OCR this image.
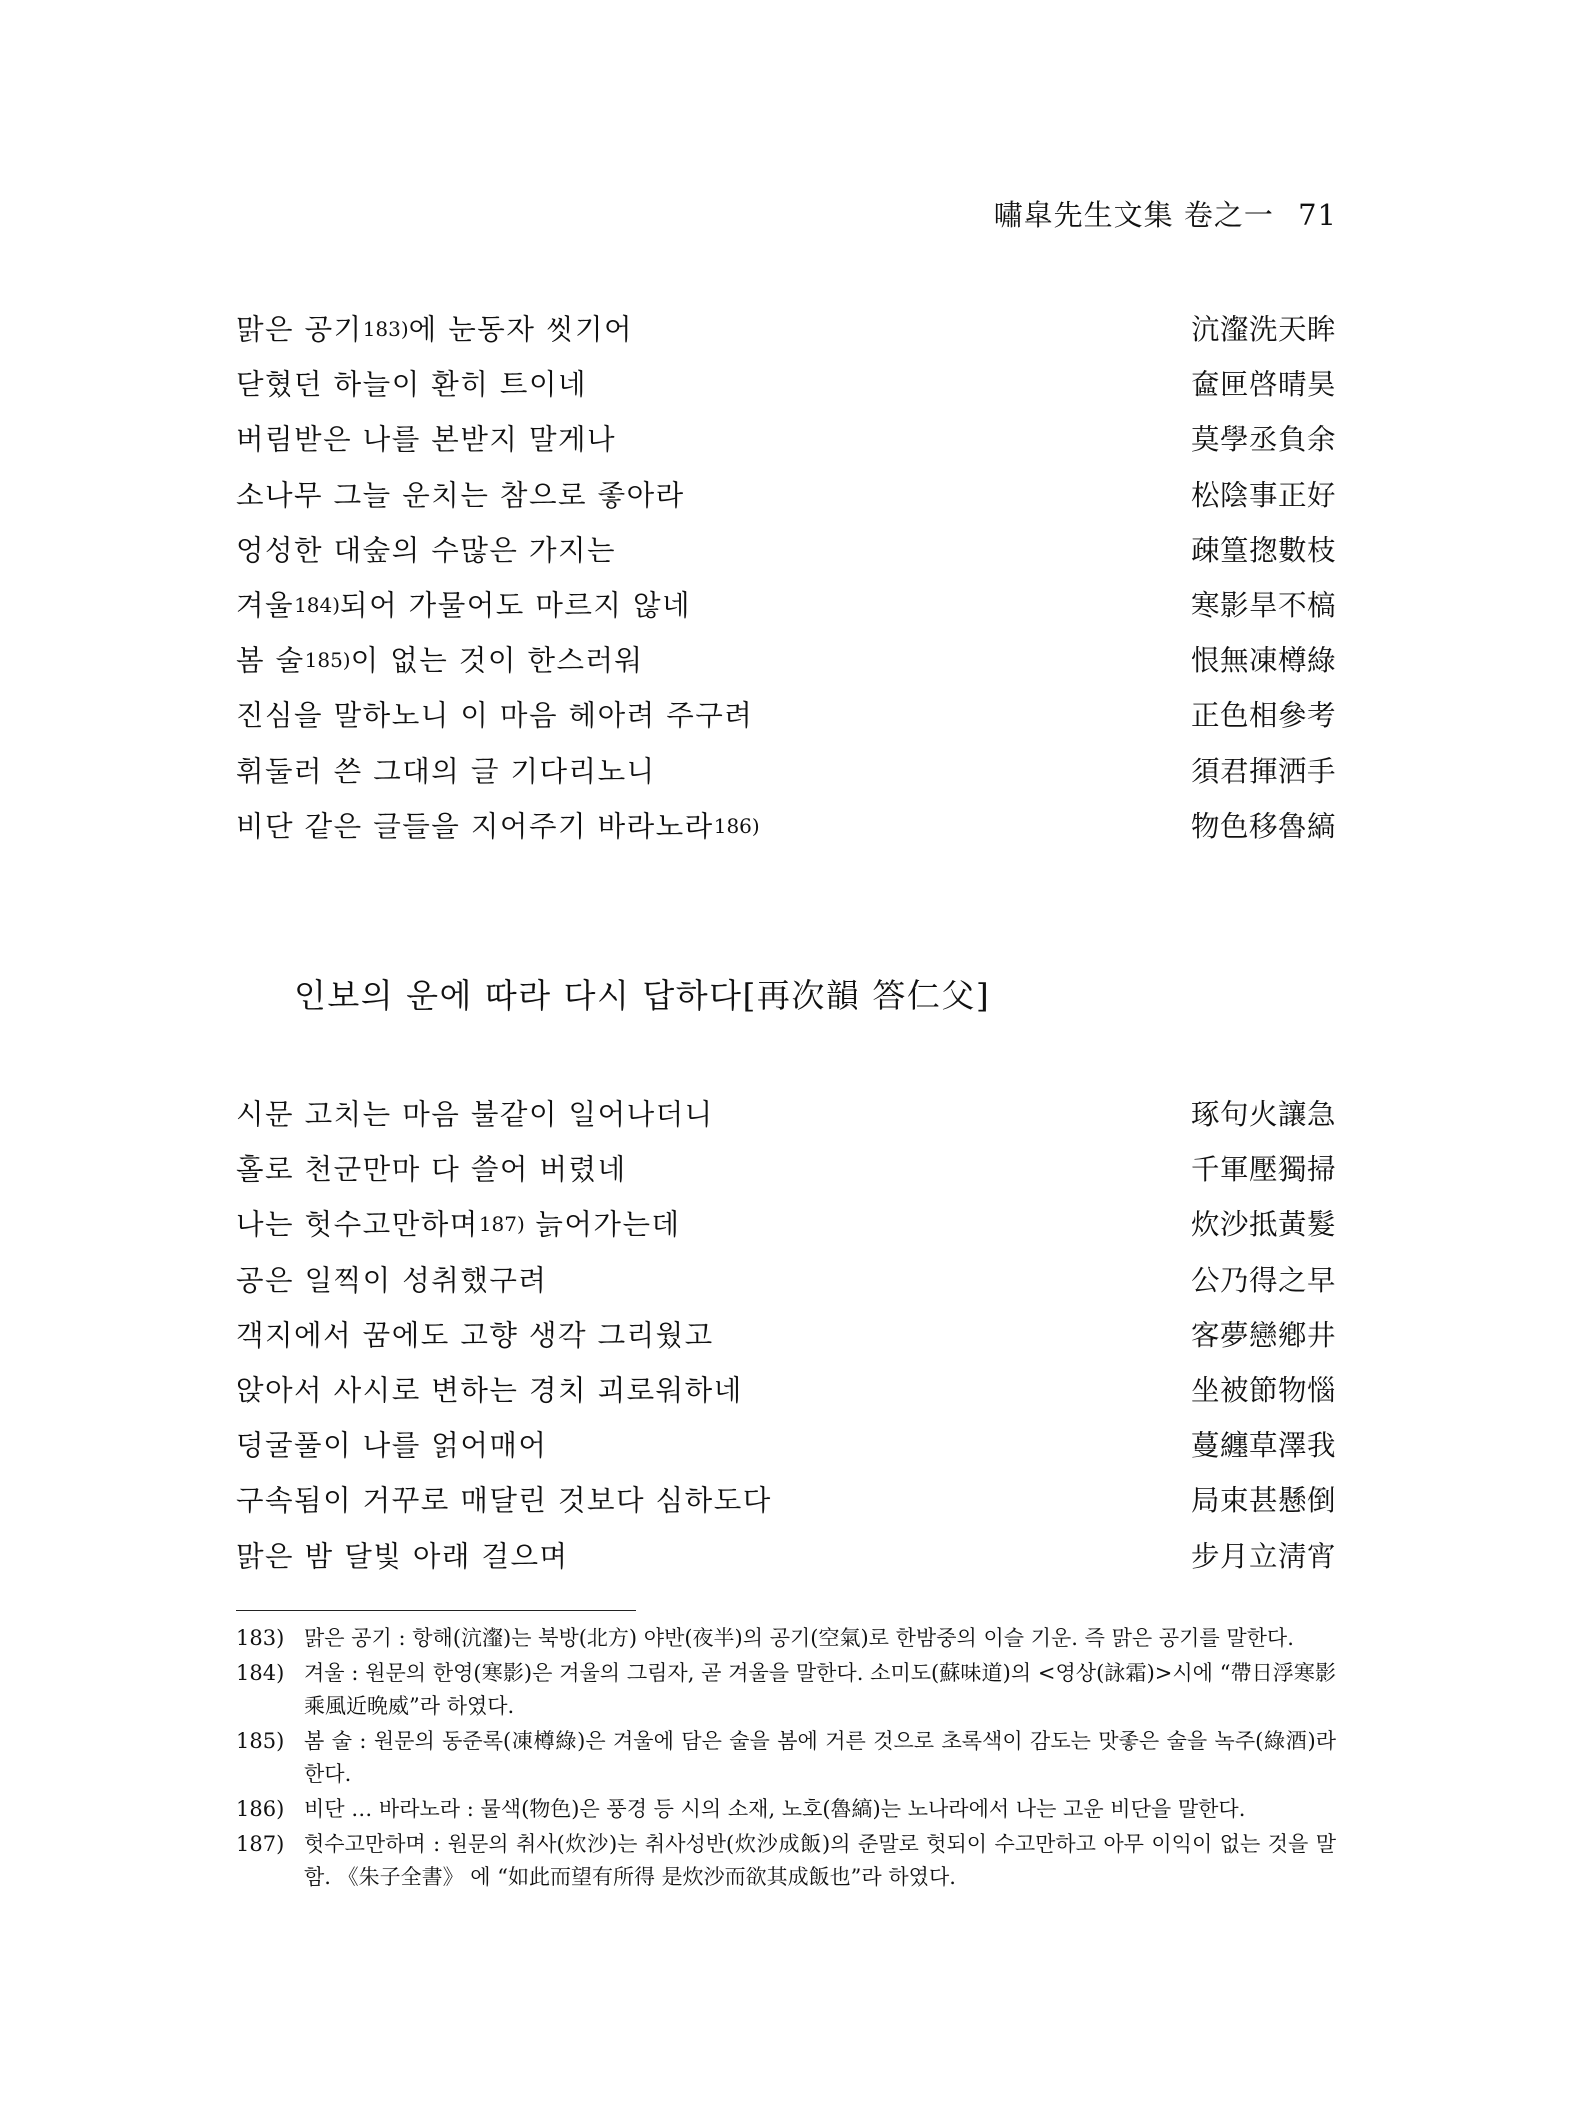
嘯皐先生文集 卷之一 71
맑은 공기183)에 눈동자 씻기어	沆瀣洗天眸
닫혔던 하늘이 환히 트이네	奩匣啓晴昊
버림받은 나를 본받지 말게나	莫學丞負余
소나무 그늘 운치는 참으로 좋아라	松陰事正好
엉성한 대숲의 수많은 가지는	疎篁揔數枝
겨울184)되어 가물어도 마르지 않네	寒影旱不槁
봄 술185)이 없는 것이 한스러워	恨無凍樽綠
진심을 말하노니 이 마음 헤아려 주구려	正色相參考
휘둘러 쓴 그대의 글 기다리노니	須君揮洒手
비단 같은 글들을 지어주기 바라노라186)	物色移魯縞
인보의 운에 따라 다시 답하다[再次韻 答仁父]
시문 고치는 마음 불같이 일어나더니	琢句火讓急
홀로 천군만마 다 쓸어 버렸네	千軍壓獨掃
나는 헛수고만하며187) 늙어가는데	炊沙抵黃髮
공은 일찍이 성취했구려	公乃得之早
객지에서 꿈에도 고향 생각 그리웠고	客夢戀鄕井
앉아서 사시로 변하는 경치 괴로워하네	坐被節物惱
덩굴풀이 나를 얽어매어	蔓纏草澤我
구속됨이 거꾸로 매달린 것보다 심하도다	局束甚懸倒
맑은 밤 달빛 아래 걸으며	步月立淸宵
183) 맑은 공기 : 항해(沆瀣)는 북방(北方) 야반(夜半)의 공기(空氣)로 한밤중의 이슬 기운. 즉 맑은 공기를 말한다.
184) 겨울 : 원문의 한영(寒影)은 겨울의 그림자, 곧 겨울을 말한다. 소미도(蘇味道)의 <영상(詠霜)>시에 “帶日浮寒影 乘風近晩威”라 하였다.
185) 봄 술 : 원문의 동준록(凍樽綠)은 겨울에 담은 술을 봄에 거른 것으로 초록색이 감도는 맛좋은 술을 녹주(綠酒)라 한다.
186) 비단 … 바라노라 : 물색(物色)은 풍경 등 시의 소재, 노호(魯縞)는 노나라에서 나는 고운 비단을 말한다.
187) 헛수고만하며 : 원문의 취사(炊沙)는 취사성반(炊沙成飯)의 준말로 헛되이 수고만하고 아무 이익이 없는 것을 말함. 《朱子全書》 에 “如此而望有所得 是炊沙而欲其成飯也”라 하였다.
